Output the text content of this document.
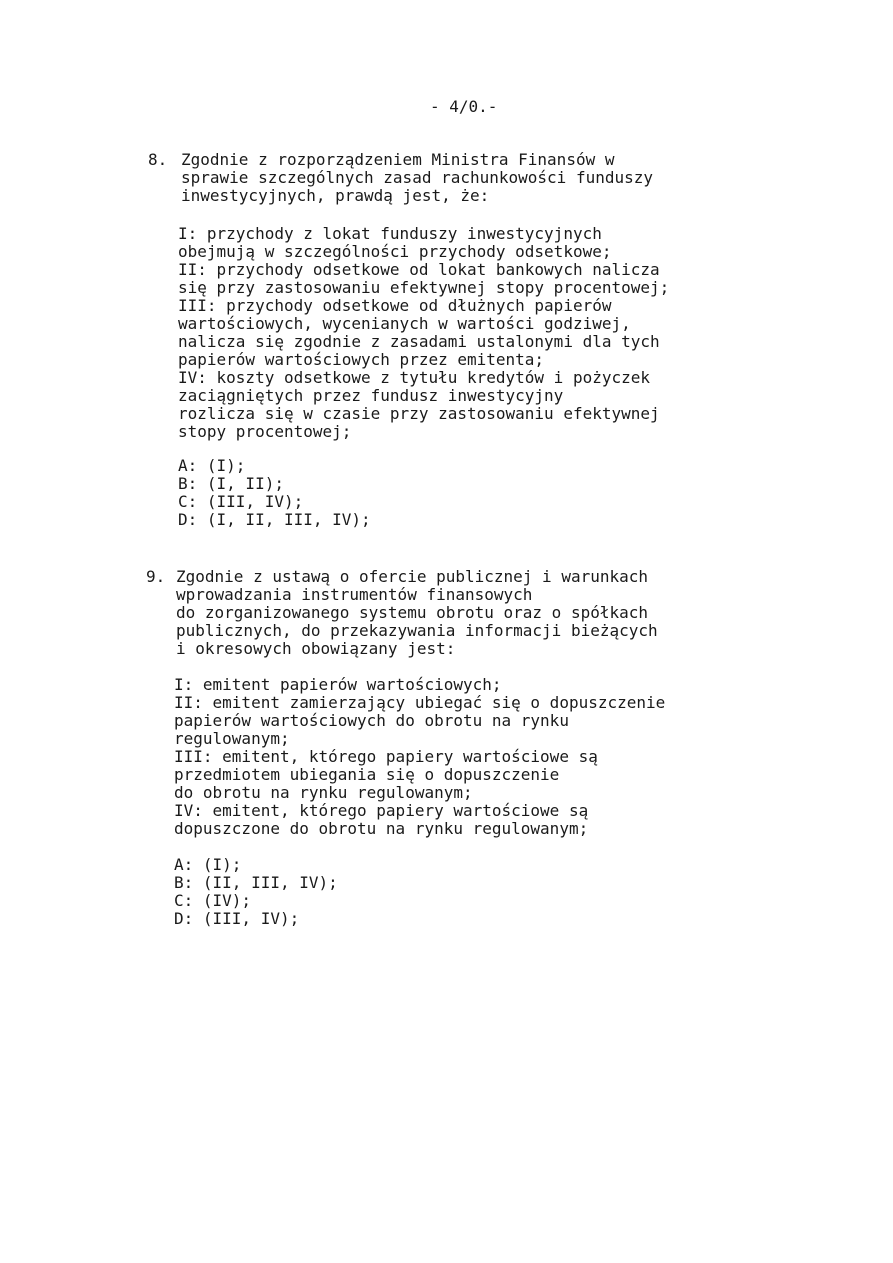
- 4/0.-
8. Zgodnie z rozporządzeniem Ministra Finansów w
sprawie szczególnych zasad rachunkowości funduszy
inwestycyjnych, prawdą jest, że:

I: przychody z lokat funduszy inwestycyjnych
obejmują w szczególności przychody odsetkowe;
II: przychody odsetkowe od lokat bankowych nalicza
się przy zastosowaniu efektywnej stopy procentowej;
III: przychody odsetkowe od dłużnych papierów
wartościowych, wycenianych w wartości godziwej,
nalicza się zgodnie z zasadami ustalonymi dla tych
papierów wartościowych przez emitenta;
IV: koszty odsetkowe z tytułu kredytów i pożyczek
zaciągniętych przez fundusz inwestycyjny
rozlicza się w czasie przy zastosowaniu efektywnej
stopy procentowej;
A: (I);
B: (I, II);
C: (III, IV);
D: (I, II, III, IV);
9. Zgodnie z ustawą o ofercie publicznej i warunkach
wprowadzania instrumentów finansowych
do zorganizowanego systemu obrotu oraz o spółkach
publicznych, do przekazywania informacji bieżących
i okresowych obowiązany jest:

I: emitent papierów wartościowych;
II: emitent zamierzający ubiegać się o dopuszczenie
papierów wartościowych do obrotu na rynku
regulowanym;
III: emitent, którego papiery wartościowe są
przedmiotem ubiegania się o dopuszczenie
do obrotu na rynku regulowanym;
IV: emitent, którego papiery wartościowe są
dopuszczone do obrotu na rynku regulowanym;
A: (I);
B: (II, III, IV);
C: (IV);
D: (III, IV);
